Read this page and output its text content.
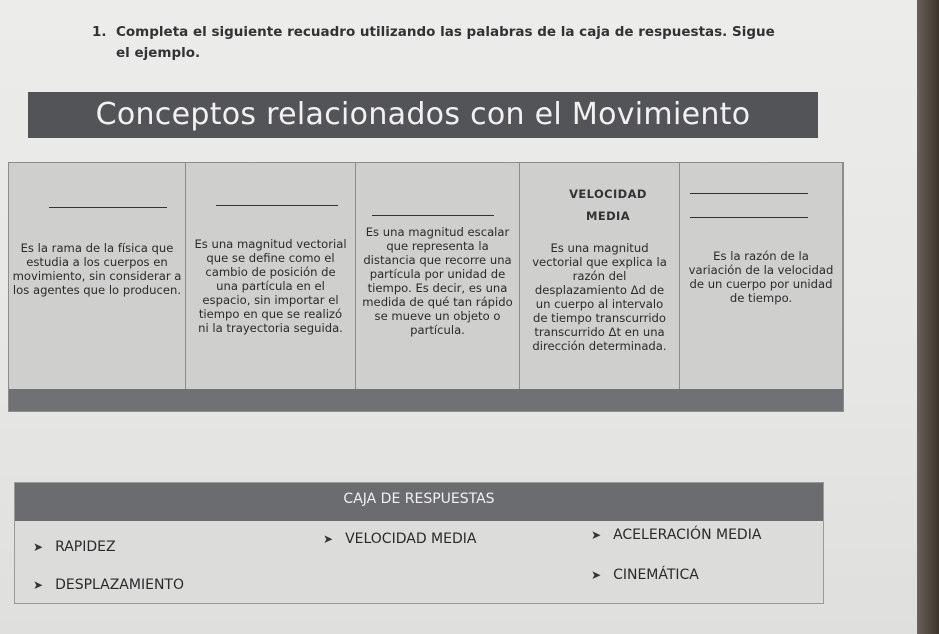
1. Completa el siguiente recuadro utilizando las palabras de la caja de respuestas. Sigue el ejemplo.
Conceptos relacionados con el Movimiento
Es la rama de la física que estudia a los cuerpos en movimiento, sin considerar a los agentes que lo producen.
Es una magnitud vectorial que se define como el cambio de posición de una partícula en el espacio, sin importar el tiempo en que se realizó ni la trayectoria seguida.
Es una magnitud escalar que representa la distancia que recorre una partícula por unidad de tiempo. Es decir, es una medida de qué tan rápido se mueve un objeto o partícula.
VELOCIDAD MEDIA
Es una magnitud vectorial que explica la razón del desplazamiento Δd de un cuerpo al intervalo de tiempo transcurrido transcurrido Δt en una dirección determinada.
Es la razón de la variación de la velocidad de un cuerpo por unidad de tiempo.
CAJA DE RESPUESTAS
➤ RAPIDEZ	➤ VELOCIDAD MEDIA	➤ ACELERACIÓN MEDIA
➤ DESPLAZAMIENTO
➤ CINEMÁTICA
